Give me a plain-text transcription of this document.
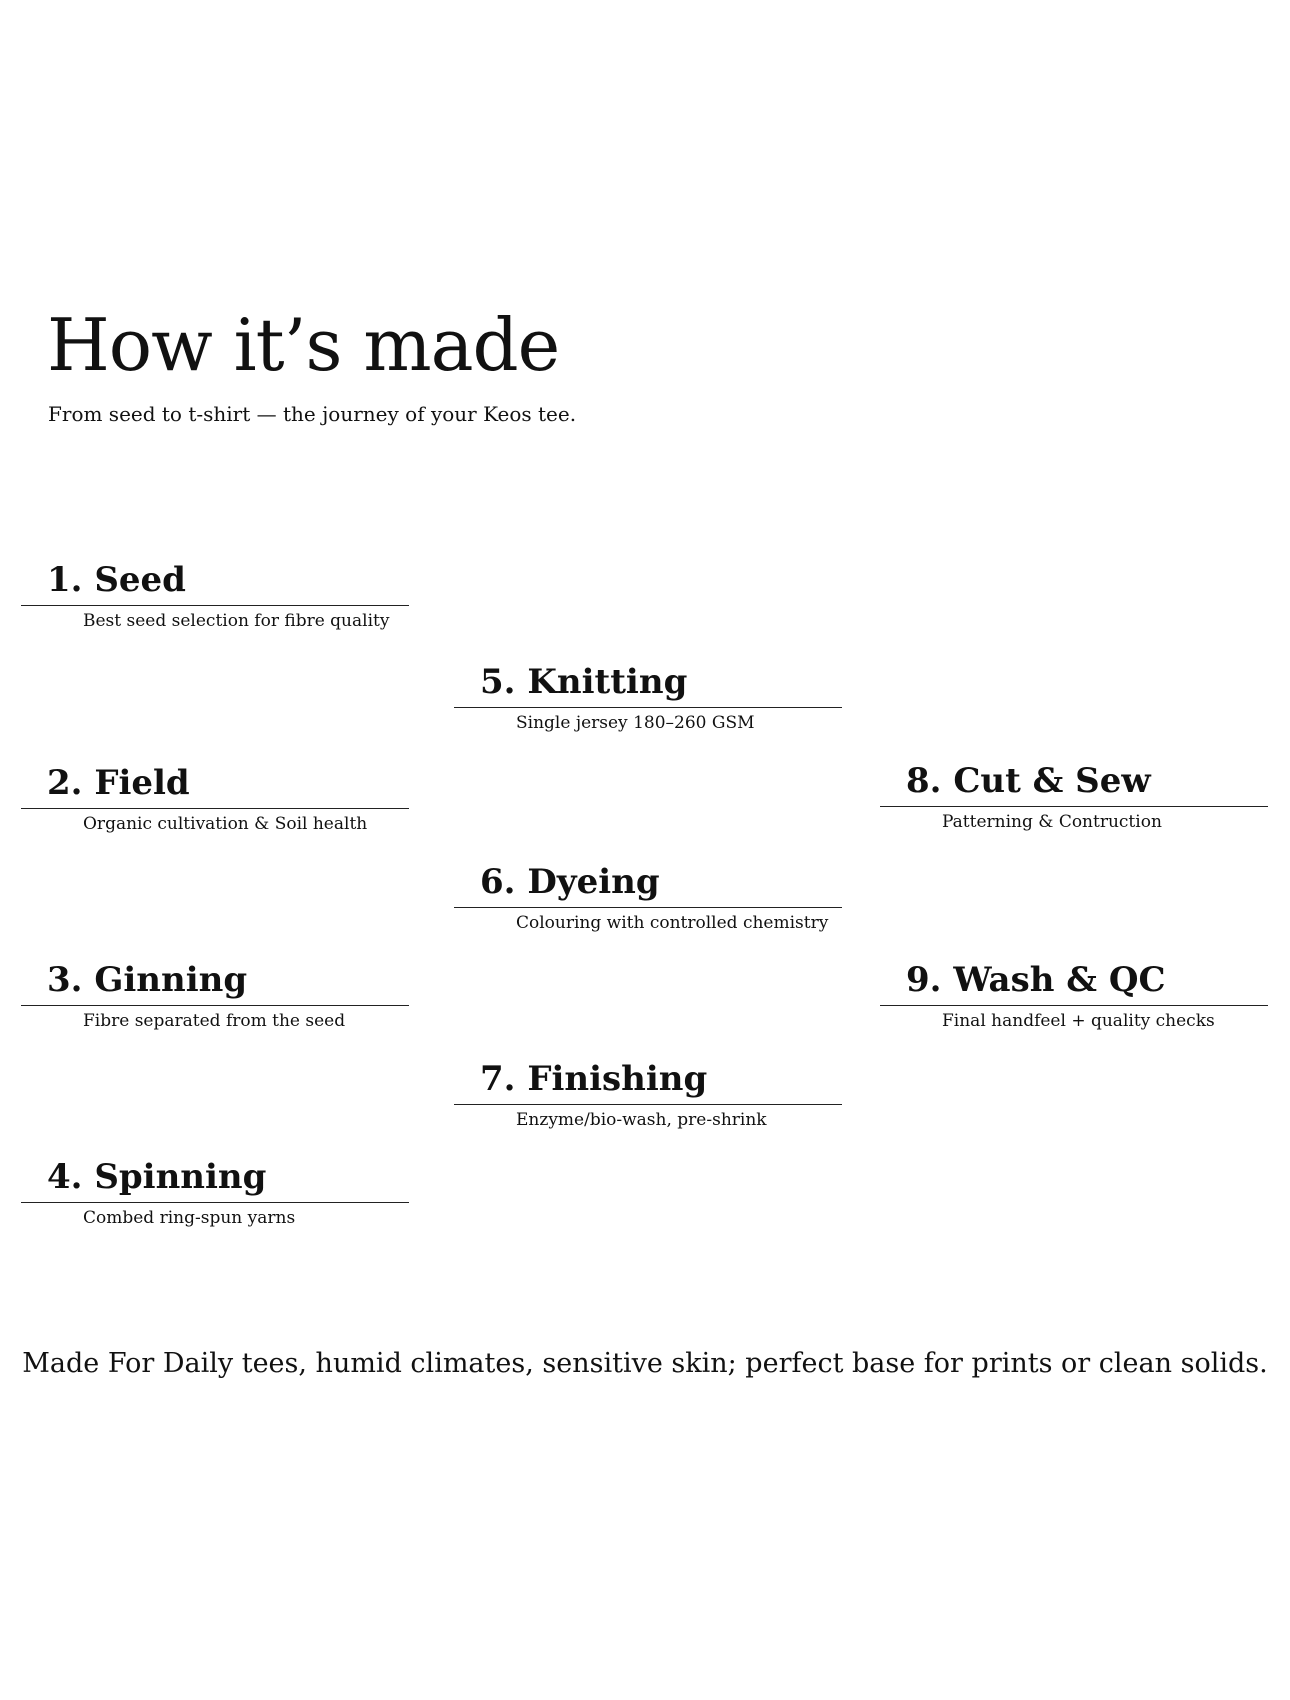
How it’s made

From seed to t-shirt — the journey of your Keos tee.

1. Seed
Best seed selection for fibre quality
2. Field
Organic cultivation & Soil health
3. Ginning
Fibre separated from the seed
4. Spinning
Combed ring-spun yarns
5. Knitting
Single jersey 180–260 GSM
6. Dyeing
Colouring with controlled chemistry
7. Finishing
Enzyme/bio-wash, pre-shrink
8. Cut & Sew
Patterning & Contruction
9. Wash & QC
Final handfeel + quality checks

Made For Daily tees, humid climates, sensitive skin; perfect base for prints or clean solids.
